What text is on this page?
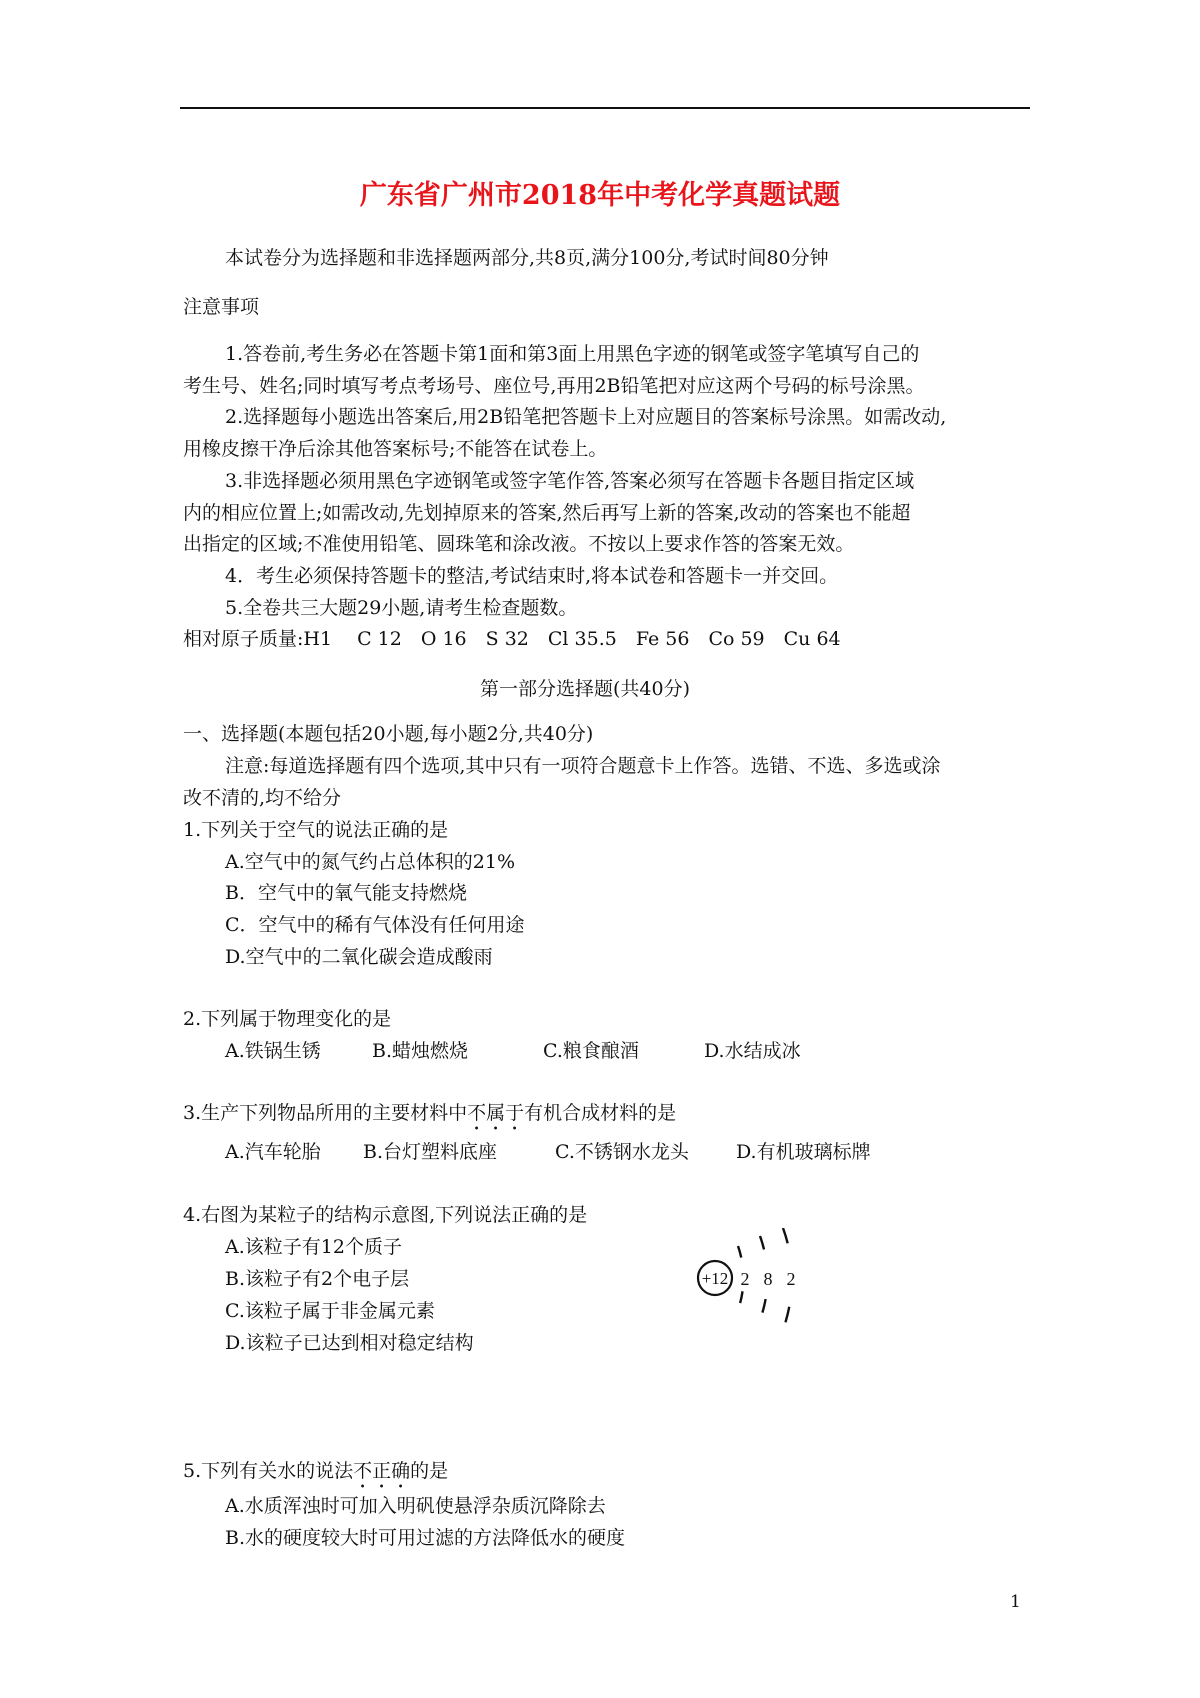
广东省广州市2018年中考化学真题试题
本试卷分为选择题和非选择题两部分,共8页,满分100分,考试时间80分钟
注意事项
1.答卷前,考生务必在答题卡第1面和第3面上用黑色字迹的钢笔或签字笔填写自己的
考生号、姓名;同时填写考点考场号、座位号,再用2B铅笔把对应这两个号码的标号涂黑。
2.选择题每小题选出答案后,用2B铅笔把答题卡上对应题目的答案标号涂黑。如需改动,
用橡皮擦干净后涂其他答案标号;不能答在试卷上。
3.非选择题必须用黑色字迹钢笔或签字笔作答,答案必须写在答题卡各题目指定区域
内的相应位置上;如需改动,先划掉原来的答案,然后再写上新的答案,改动的答案也不能超
出指定的区域;不准使用铅笔、圆珠笔和涂改液。不按以上要求作答的答案无效。
4．考生必须保持答题卡的整洁,考试结束时,将本试卷和答题卡一并交回。
5.全卷共三大题29小题,请考生检查题数。
相对原子质量:H1　 C 12　O 16　S 32　Cl 35.5　Fe 56　Co 59　Cu 64
第一部分选择题(共40分)
一、选择题(本题包括20小题,每小题2分,共40分)
注意:每道选择题有四个选项,其中只有一项符合题意卡上作答。选错、不选、多选或涂
改不清的,均不给分
1.下列关于空气的说法正确的是
A.空气中的氮气约占总体积的21%
B．空气中的氧气能支持燃烧
C．空气中的稀有气体没有任何用途
D.空气中的二氧化碳会造成酸雨
2.下列属于物理变化的是
A.铁锅生锈	B.蜡烛燃烧	C.粮食酿酒	D.水结成冰
3.生产下列物品所用的主要材料中不属于有机合成材料的是
A.汽车轮胎 B.台灯塑料底座	C.不锈钢水龙头 D.有机玻璃标牌
4.右图为某粒子的结构示意图,下列说法正确的是
A.该粒子有12个质子
B.该粒子有2个电子层
C.该粒子属于非金属元素
D.该粒子已达到相对稳定结构
+12 2 8 2
5.下列有关水的说法不正确的是
A.水质浑浊时可加入明矾使悬浮杂质沉降除去
B.水的硬度较大时可用过滤的方法降低水的硬度
1
